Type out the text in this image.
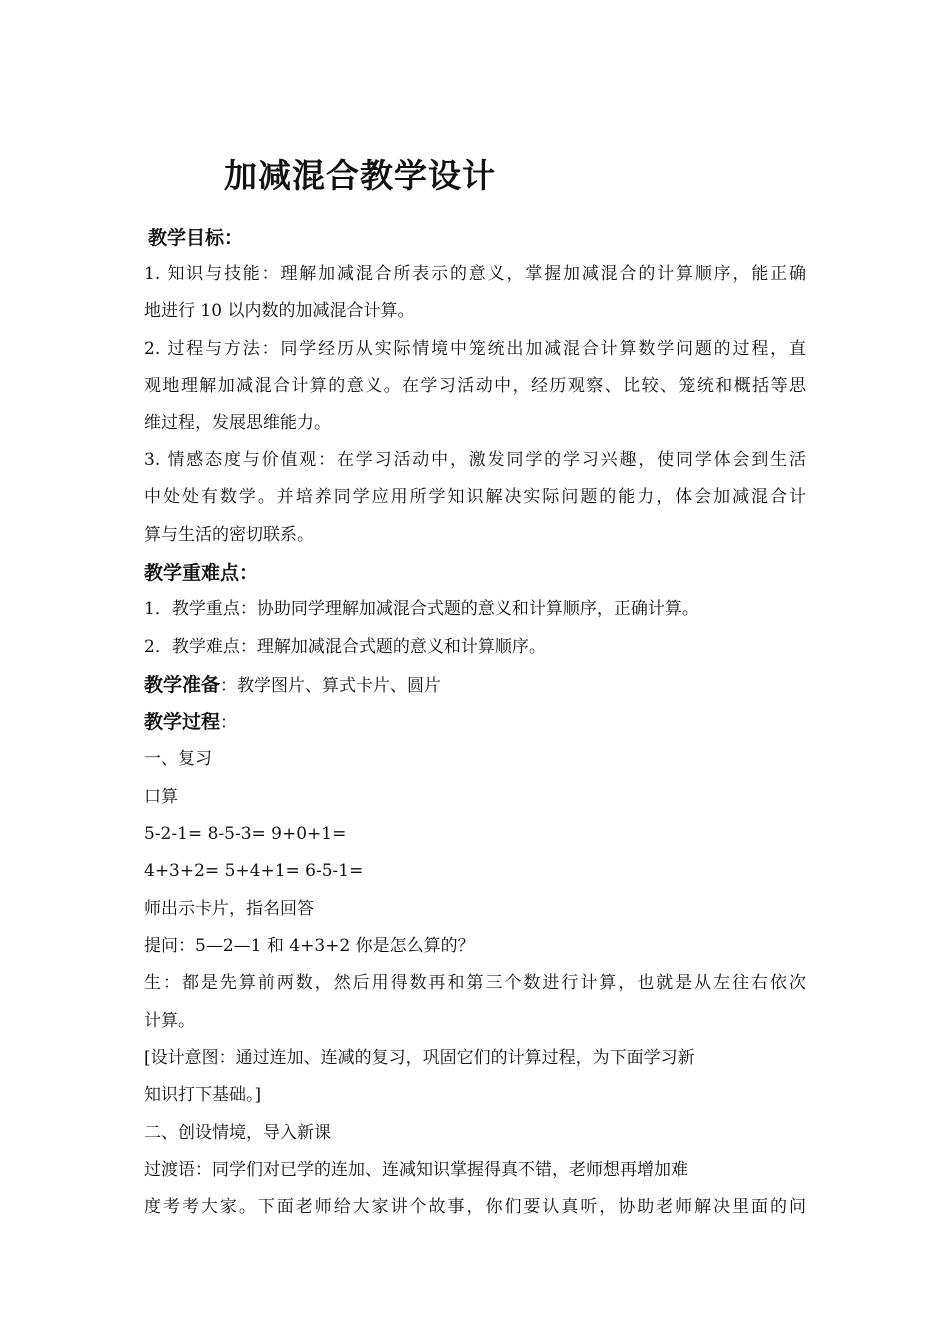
加减混合教学设计
教学目标：
1. 知识与技能：理解加减混合所表示的意义，掌握加减混合的计算顺序，能正确
地进行 10 以内数的加减混合计算。
2. 过程与方法：同学经历从实际情境中笼统出加减混合计算数学问题的过程，直
观地理解加减混合计算的意义。在学习活动中，经历观察、比较、笼统和概括等思
维过程，发展思维能力。
3. 情感态度与价值观：在学习活动中，激发同学的学习兴趣，使同学体会到生活
中处处有数学。并培养同学应用所学知识解决实际问题的能力，体会加减混合计
算与生活的密切联系。
教学重难点：
1．教学重点：协助同学理解加减混合式题的意义和计算顺序，正确计算。
2．教学难点：理解加减混合式题的意义和计算顺序。
教学准备：教学图片、算式卡片、圆片
教学过程：
一、复习
口算
5-2-1= 8-5-3= 9+0+1=
4+3+2= 5+4+1= 6-5-1=
师出示卡片，指名回答
提问：5—2—1 和 4+3+2 你是怎么算的？
生：都是先算前两数，然后用得数再和第三个数进行计算，也就是从左往右依次
计算。
[设计意图：通过连加、连减的复习，巩固它们的计算过程，为下面学习新
知识打下基础。]
二、创设情境，导入新课
过渡语：同学们对已学的连加、连减知识掌握得真不错，老师想再增加难
度考考大家。下面老师给大家讲个故事，你们要认真听，协助老师解决里面的问
